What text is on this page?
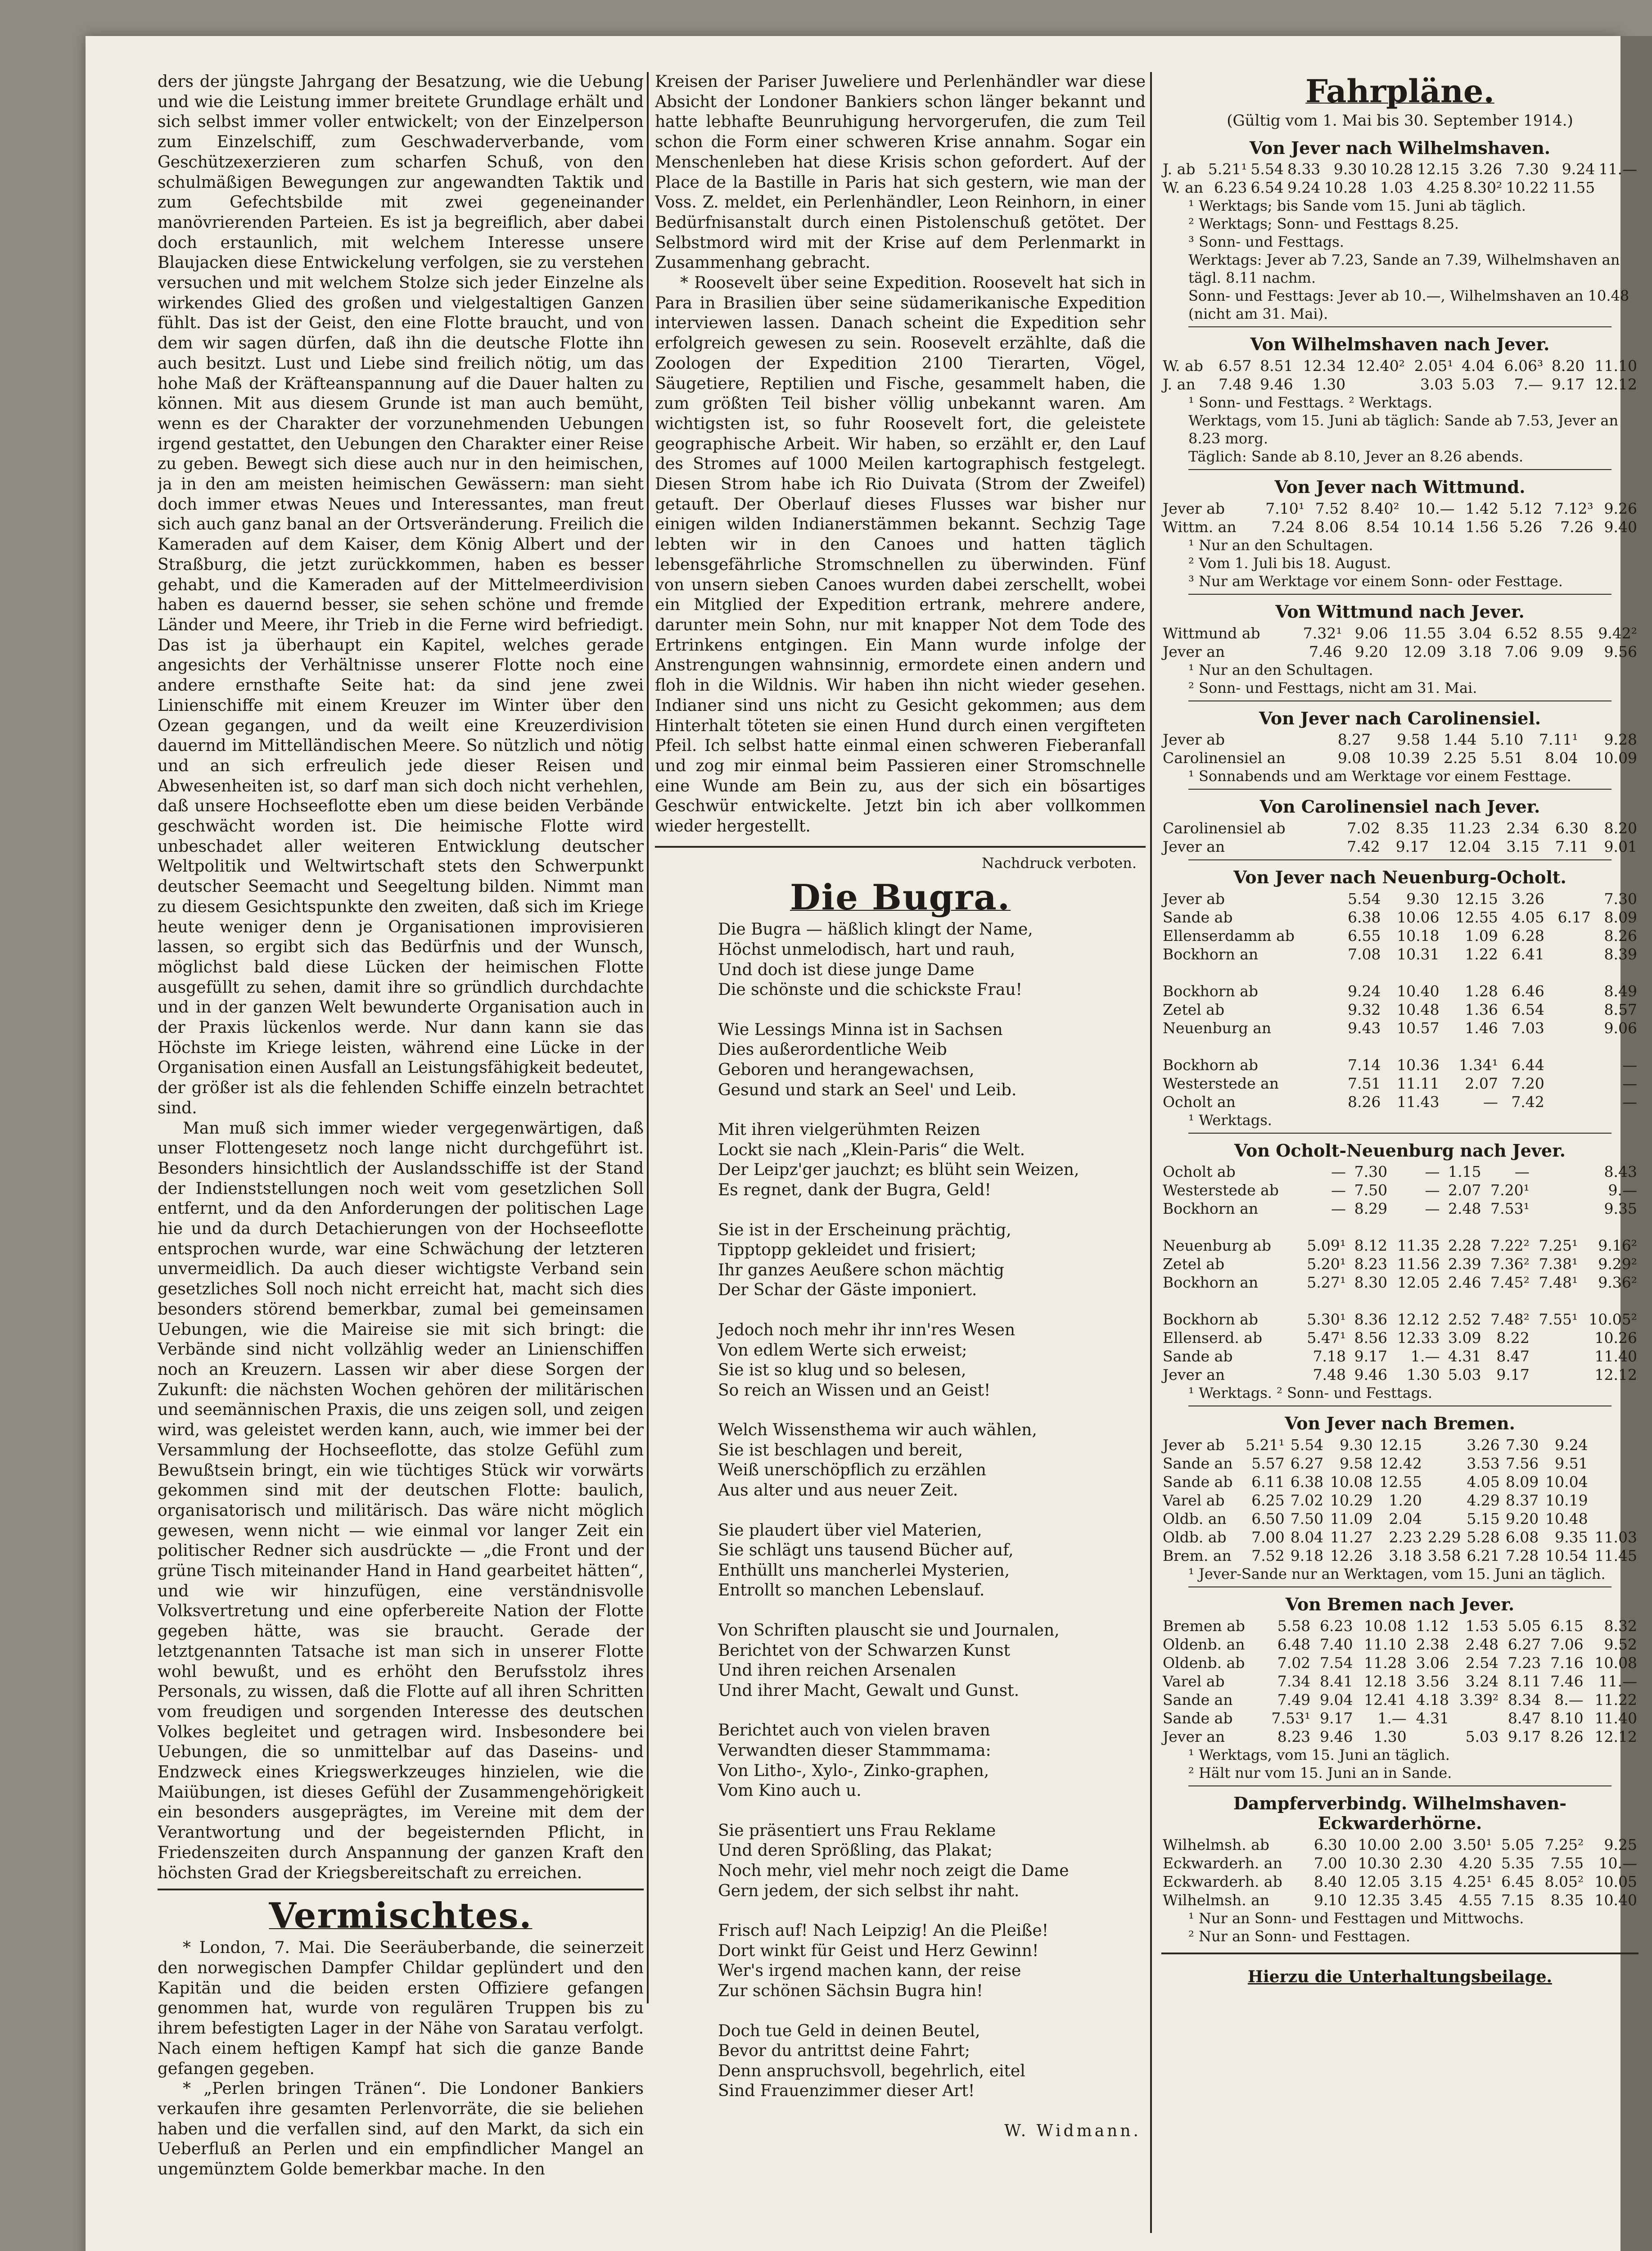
ders der jüngste Jahrgang der Besatzung, wie die Uebung und wie die Leistung immer breitete Grundlage erhält und sich selbst immer voller entwickelt; von der Einzelperson zum Einzelschiff, zum Geschwaderverbande, vom Geschützexerzieren zum scharfen Schuß, von den schulmäßigen Bewegungen zur angewandten Taktik und zum Gefechtsbilde mit zwei gegeneinander manövrierenden Parteien. Es ist ja begreiflich, aber dabei doch erstaunlich, mit welchem Interesse unsere Blaujacken diese Entwickelung verfolgen, sie zu verstehen versuchen und mit welchem Stolze sich jeder Einzelne als wirkendes Glied des großen und vielgestaltigen Ganzen fühlt. Das ist der Geist, den eine Flotte braucht, und von dem wir sagen dürfen, daß ihn die deutsche Flotte ihn auch besitzt. Lust und Liebe sind freilich nötig, um das hohe Maß der Kräfteanspannung auf die Dauer halten zu können. Mit aus diesem Grunde ist man auch bemüht, wenn es der Charakter der vorzunehmenden Uebungen irgend gestattet, den Uebungen den Charakter einer Reise zu geben. Bewegt sich diese auch nur in den heimischen, ja in den am meisten heimischen Gewässern: man sieht doch immer etwas Neues und Interessantes, man freut sich auch ganz banal an der Ortsveränderung. Freilich die Kameraden auf dem Kaiser, dem König Albert und der Straßburg, die jetzt zurückkommen, haben es besser gehabt, und die Kameraden auf der Mittelmeerdivision haben es dauernd besser, sie sehen schöne und fremde Länder und Meere, ihr Trieb in die Ferne wird befriedigt. Das ist ja überhaupt ein Kapitel, welches gerade angesichts der Verhältnisse unserer Flotte noch eine andere ernsthafte Seite hat: da sind jene zwei Linienschiffe mit einem Kreuzer im Winter über den Ozean gegangen, und da weilt eine Kreuzerdivision dauernd im Mittelländischen Meere. So nützlich und nötig und an sich erfreulich jede dieser Reisen und Abwesenheiten ist, so darf man sich doch nicht verhehlen, daß unsere Hochseeflotte eben um diese beiden Verbände geschwächt worden ist. Die heimische Flotte wird unbeschadet aller weiteren Entwicklung deutscher Weltpolitik und Weltwirtschaft stets den Schwerpunkt deutscher Seemacht und Seegeltung bilden. Nimmt man zu diesem Gesichtspunkte den zweiten, daß sich im Kriege heute weniger denn je Organisationen improvisieren lassen, so ergibt sich das Bedürfnis und der Wunsch, möglichst bald diese Lücken der heimischen Flotte ausgefüllt zu sehen, damit ihre so gründlich durchdachte und in der ganzen Welt bewunderte Organisation auch in der Praxis lückenlos werde. Nur dann kann sie das Höchste im Kriege leisten, während eine Lücke in der Organisation einen Ausfall an Leistungsfähigkeit bedeutet, der größer ist als die fehlenden Schiffe einzeln betrachtet sind.

Man muß sich immer wieder vergegenwärtigen, daß unser Flottengesetz noch lange nicht durchgeführt ist. Besonders hinsichtlich der Auslandsschiffe ist der Stand der Indienststellungen noch weit vom gesetzlichen Soll entfernt, und da den Anforderungen der politischen Lage hie und da durch Detachierungen von der Hochseeflotte entsprochen wurde, war eine Schwächung der letzteren unvermeidlich. Da auch dieser wichtigste Verband sein gesetzliches Soll noch nicht erreicht hat, macht sich dies besonders störend bemerkbar, zumal bei gemeinsamen Uebungen, wie die Maireise sie mit sich bringt: die Verbände sind nicht vollzählig weder an Linienschiffen noch an Kreuzern. Lassen wir aber diese Sorgen der Zukunft: die nächsten Wochen gehören der militärischen und seemännischen Praxis, die uns zeigen soll, und zeigen wird, was geleistet werden kann, auch, wie immer bei der Versammlung der Hochseeflotte, das stolze Gefühl zum Bewußtsein bringt, ein wie tüchtiges Stück wir vorwärts gekommen sind mit der deutschen Flotte: baulich, organisatorisch und militärisch. Das wäre nicht möglich gewesen, wenn nicht — wie einmal vor langer Zeit ein politischer Redner sich ausdrückte — „die Front und der grüne Tisch miteinander Hand in Hand gearbeitet hätten“, und wie wir hinzufügen, eine verständnisvolle Volksvertretung und eine opferbereite Nation der Flotte gegeben hätte, was sie braucht. Gerade der letztgenannten Tatsache ist man sich in unserer Flotte wohl bewußt, und es erhöht den Berufsstolz ihres Personals, zu wissen, daß die Flotte auf all ihren Schritten vom freudigen und sorgenden Interesse des deutschen Volkes begleitet und getragen wird. Insbesondere bei Uebungen, die so unmittelbar auf das Daseins- und Endzweck eines Kriegswerkzeuges hinzielen, wie die Maiübungen, ist dieses Gefühl der Zusammengehörigkeit ein besonders ausgeprägtes, im Vereine mit dem der Verantwortung und der begeisternden Pflicht, in Friedenszeiten durch Anspannung der ganzen Kraft den höchsten Grad der Kriegsbereitschaft zu erreichen.

Vermischtes.

* London, 7. Mai. Die Seeräuberbande, die seinerzeit den norwegischen Dampfer Childar geplündert und den Kapitän und die beiden ersten Offiziere gefangen genommen hat, wurde von regulären Truppen bis zu ihrem befestigten Lager in der Nähe von Saratau verfolgt. Nach einem heftigen Kampf hat sich die ganze Bande gefangen gegeben.

* „Perlen bringen Tränen“. Die Londoner Bankiers verkaufen ihre gesamten Perlenvorräte, die sie beliehen haben und die verfallen sind, auf den Markt, da sich ein Ueberfluß an Perlen und ein empfindlicher Mangel an ungemünztem Golde bemerkbar mache. In den

Kreisen der Pariser Juweliere und Perlenhändler war diese Absicht der Londoner Bankiers schon länger bekannt und hatte lebhafte Beunruhigung hervorgerufen, die zum Teil schon die Form einer schweren Krise annahm. Sogar ein Menschenleben hat diese Krisis schon gefordert. Auf der Place de la Bastille in Paris hat sich gestern, wie man der Voss. Z. meldet, ein Perlenhändler, Leon Reinhorn, in einer Bedürfnisanstalt durch einen Pistolenschuß getötet. Der Selbstmord wird mit der Krise auf dem Perlenmarkt in Zusammenhang gebracht.

* Roosevelt über seine Expedition. Roosevelt hat sich in Para in Brasilien über seine südamerikanische Expedition interviewen lassen. Danach scheint die Expedition sehr erfolgreich gewesen zu sein. Roosevelt erzählte, daß die Zoologen der Expedition 2100 Tierarten, Vögel, Säugetiere, Reptilien und Fische, gesammelt haben, die zum größten Teil bisher völlig unbekannt waren. Am wichtigsten ist, so fuhr Roosevelt fort, die geleistete geographische Arbeit. Wir haben, so erzählt er, den Lauf des Stromes auf 1000 Meilen kartographisch festgelegt. Diesen Strom habe ich Rio Duivata (Strom der Zweifel) getauft. Der Oberlauf dieses Flusses war bisher nur einigen wilden Indianerstämmen bekannt. Sechzig Tage lebten wir in den Canoes und hatten täglich lebensgefährliche Stromschnellen zu überwinden. Fünf von unsern sieben Canoes wurden dabei zerschellt, wobei ein Mitglied der Expedition ertrank, mehrere andere, darunter mein Sohn, nur mit knapper Not dem Tode des Ertrinkens entgingen. Ein Mann wurde infolge der Anstrengungen wahnsinnig, ermordete einen andern und floh in die Wildnis. Wir haben ihn nicht wieder gesehen. Indianer sind uns nicht zu Gesicht gekommen; aus dem Hinterhalt töteten sie einen Hund durch einen vergifteten Pfeil. Ich selbst hatte einmal einen schweren Fieberanfall und zog mir einmal beim Passieren einer Stromschnelle eine Wunde am Bein zu, aus der sich ein bösartiges Geschwür entwickelte. Jetzt bin ich aber vollkommen wieder hergestellt.

Nachdruck verboten.
Die Bugra.
Die Bugra — häßlich klingt der Name,
Höchst unmelodisch, hart und rauh,
Und doch ist diese junge Dame
Die schönste und die schickste Frau!
Wie Lessings Minna ist in Sachsen
Dies außerordentliche Weib
Geboren und herangewachsen,
Gesund und stark an Seel' und Leib.
Mit ihren vielgerühmten Reizen
Lockt sie nach „Klein-Paris“ die Welt.
Der Leipz'ger jauchzt; es blüht sein Weizen,
Es regnet, dank der Bugra, Geld!
Sie ist in der Erscheinung prächtig,
Tipptopp gekleidet und frisiert;
Ihr ganzes Aeußere schon mächtig
Der Schar der Gäste imponiert.
Jedoch noch mehr ihr inn'res Wesen
Von edlem Werte sich erweist;
Sie ist so klug und so belesen,
So reich an Wissen und an Geist!
Welch Wissensthema wir auch wählen,
Sie ist beschlagen und bereit,
Weiß unerschöpflich zu erzählen
Aus alter und aus neuer Zeit.
Sie plaudert über viel Materien,
Sie schlägt uns tausend Bücher auf,
Enthüllt uns mancherlei Mysterien,
Entrollt so manchen Lebenslauf.
Von Schriften plauscht sie und Journalen,
Berichtet von der Schwarzen Kunst
Und ihren reichen Arsenalen
Und ihrer Macht, Gewalt und Gunst.
Berichtet auch von vielen braven
Verwandten dieser Stammmama:
Von Litho-, Xylo-, Zinko-graphen,
Vom Kino auch u.
Sie präsentiert uns Frau Reklame
Und deren Sprößling, das Plakat;
Noch mehr, viel mehr noch zeigt die Dame
Gern jedem, der sich selbst ihr naht.
Frisch auf! Nach Leipzig! An die Pleiße!
Dort winkt für Geist und Herz Gewinn!
Wer's irgend machen kann, der reise
Zur schönen Sächsin Bugra hin!
Doch tue Geld in deinen Beutel,
Bevor du antrittst deine Fahrt;
Denn anspruchsvoll, begehrlich, eitel
Sind Frauenzimmer dieser Art!
W. Widmann.
Fahrpläne.
(Gültig vom 1. Mai bis 30. September 1914.)
Von Jever nach Wilhelmshaven.
J. ab	5.21¹	5.54	8.33	9.30	10.28	12.15	3.26	7.30	9.24	11.—
W. an	6.23	6.54	9.24	10.28	1.03	4.25	8.30²	10.22	11.55	
¹ Werktags; bis Sande vom 15. Juni ab täglich.
² Werktags; Sonn- und Festtags 8.25.
³ Sonn- und Festtags.
Werktags: Jever ab 7.23, Sande an 7.39, Wilhelmshaven an tägl. 8.11 nachm.
Sonn- und Festtags: Jever ab 10.—, Wilhelmshaven an 10.48 (nicht am 31. Mai).
Von Wilhelmshaven nach Jever.
W. ab	6.57	8.51	12.34	12.40²	2.05¹	4.04	6.06³	8.20	11.10
J. an	7.48	9.46	1.30		3.03	5.03	7.—	9.17	12.12
¹ Sonn- und Festtags. ² Werktags.
Werktags, vom 15. Juni ab täglich: Sande ab 7.53, Jever an 8.23 morg.
Täglich: Sande ab 8.10, Jever an 8.26 abends.
Von Jever nach Wittmund.
Jever ab	7.10¹	7.52	8.40²	10.—	1.42	5.12	7.12³	9.26
Wittm. an	7.24	8.06	8.54	10.14	1.56	5.26	7.26	9.40
¹ Nur an den Schultagen.
² Vom 1. Juli bis 18. August.
³ Nur am Werktage vor einem Sonn- oder Festtage.
Von Wittmund nach Jever.
Wittmund ab	7.32¹	9.06	11.55	3.04	6.52	8.55	9.42²
Jever an	7.46	9.20	12.09	3.18	7.06	9.09	9.56
¹ Nur an den Schultagen.
² Sonn- und Festtags, nicht am 31. Mai.
Von Jever nach Carolinensiel.
Jever ab	8.27	9.58	1.44	5.10	7.11¹	9.28
Carolinensiel an	9.08	10.39	2.25	5.51	8.04	10.09
¹ Sonnabends und am Werktage vor einem Festtage.
Von Carolinensiel nach Jever.
Carolinensiel ab	7.02	8.35	11.23	2.34	6.30	8.20
Jever an	7.42	9.17	12.04	3.15	7.11	9.01
Von Jever nach Neuenburg-Ocholt.
Jever ab	5.54	9.30	12.15	3.26		7.30
Sande ab	6.38	10.06	12.55	4.05	6.17	8.09
Ellenserdamm ab	6.55	10.18	1.09	6.28		8.26
Bockhorn an	7.08	10.31	1.22	6.41		8.39

Bockhorn ab	9.24	10.40	1.28	6.46		8.49
Zetel ab	9.32	10.48	1.36	6.54		8.57
Neuenburg an	9.43	10.57	1.46	7.03		9.06

Bockhorn ab	7.14	10.36	1.34¹	6.44		—
Westerstede an	7.51	11.11	2.07	7.20		—
Ocholt an	8.26	11.43	—	7.42		—
¹ Werktags.
Von Ocholt-Neuenburg nach Jever.
Ocholt ab	—	7.30	—	1.15	—		8.43
Westerstede ab	—	7.50	—	2.07	7.20¹		9.—
Bockhorn an	—	8.29	—	2.48	7.53¹		9.35

Neuenburg ab	5.09¹	8.12	11.35	2.28	7.22²	7.25¹	9.16²
Zetel ab	5.20¹	8.23	11.56	2.39	7.36²	7.38¹	9.29²
Bockhorn an	5.27¹	8.30	12.05	2.46	7.45²	7.48¹	9.36²

Bockhorn ab	5.30¹	8.36	12.12	2.52	7.48²	7.55¹	10.05²
Ellenserd. ab	5.47¹	8.56	12.33	3.09	8.22		10.26
Sande ab	7.18	9.17	1.—	4.31	8.47		11.40
Jever an	7.48	9.46	1.30	5.03	9.17		12.12
¹ Werktags. ² Sonn- und Festtags.
Von Jever nach Bremen.
Jever ab	5.21¹	5.54	9.30	12.15		3.26	7.30	9.24	
Sande an	5.57	6.27	9.58	12.42		3.53	7.56	9.51	
Sande ab	6.11	6.38	10.08	12.55		4.05	8.09	10.04	
Varel ab	6.25	7.02	10.29	1.20		4.29	8.37	10.19	
Oldb. an	6.50	7.50	11.09	2.04		5.15	9.20	10.48	
Oldb. ab	7.00	8.04	11.27	2.23	2.29	5.28	6.08	9.35	11.03
Brem. an	7.52	9.18	12.26	3.18	3.58	6.21	7.28	10.54	11.45
¹ Jever-Sande nur an Werktagen, vom 15. Juni an täglich.
Von Bremen nach Jever.
Bremen ab	5.58	6.23	10.08	1.12	1.53	5.05	6.15	8.32
Oldenb. an	6.48	7.40	11.10	2.38	2.48	6.27	7.06	9.52
Oldenb. ab	7.02	7.54	11.28	3.06	2.54	7.23	7.16	10.08
Varel ab	7.34	8.41	12.18	3.56	3.24	8.11	7.46	11.—
Sande an	7.49	9.04	12.41	4.18	3.39²	8.34	8.—	11.22
Sande ab	7.53¹	9.17	1.—	4.31		8.47	8.10	11.40
Jever an	8.23	9.46	1.30		5.03	9.17	8.26	12.12
¹ Werktags, vom 15. Juni an täglich.
² Hält nur vom 15. Juni an in Sande.
Dampferverbindg. Wilhelmshaven-Eckwarderhörne.
Wilhelmsh. ab	6.30	10.00	2.00	3.50¹	5.05	7.25²	9.25
Eckwarderh. an	7.00	10.30	2.30	4.20	5.35	7.55	10.—
Eckwarderh. ab	8.40	12.05	3.15	4.25¹	6.45	8.05²	10.05
Wilhelmsh. an	9.10	12.35	3.45	4.55	7.15	8.35	10.40
¹ Nur an Sonn- und Festtagen und Mittwochs.
² Nur an Sonn- und Festtagen.
Hierzu die Unterhaltungsbeilage.
